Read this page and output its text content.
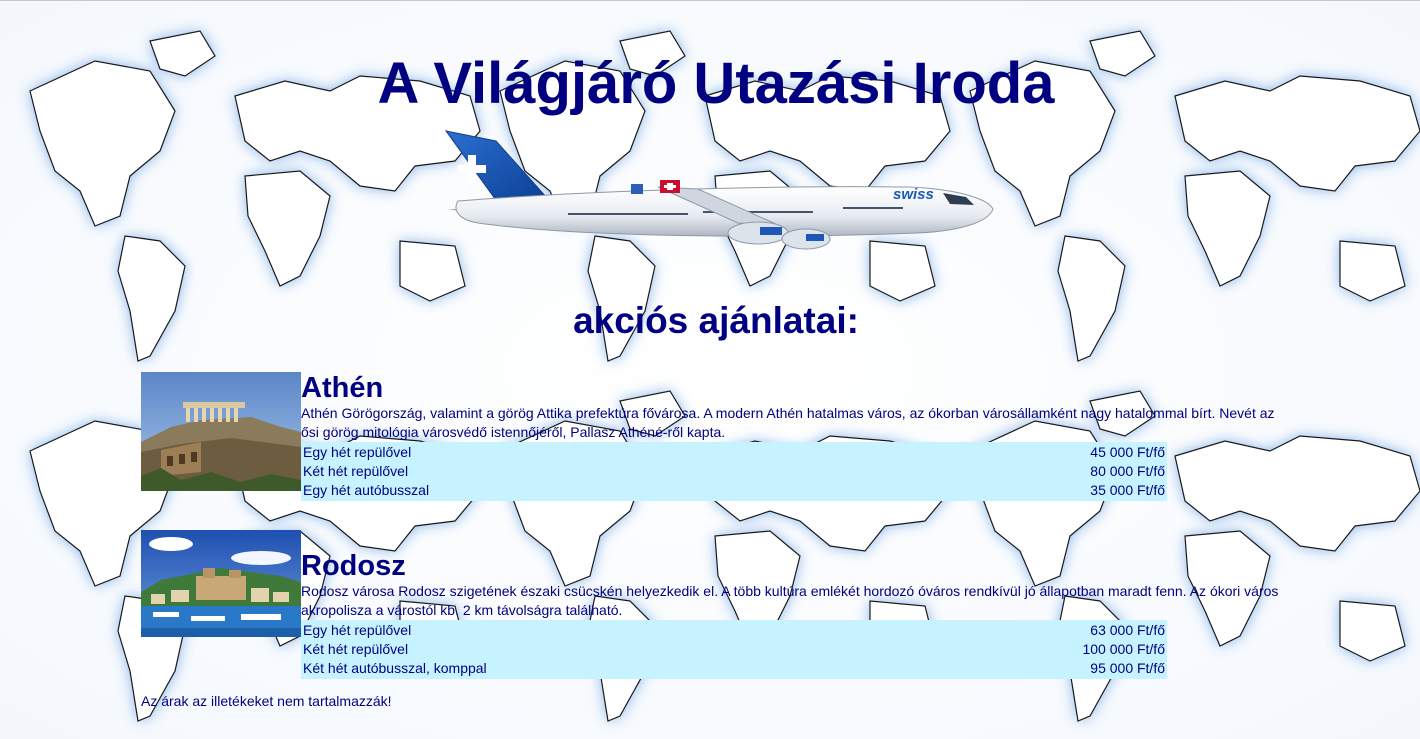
A Világjáró Utazási Iroda
swiss
akciós ajánlatai:
Athén

Athén Görögország, valamint a görög Attika prefektúra fővárosa. A modern Athén hatalmas város, az ókorban városállamként nagy hatalommal bírt. Nevét az ősi görög mitológia városvédő istennőjéről, Pallasz Athéné-ről kapta.

Egy hét repülővel	45 000 Ft/fő
Két hét repülővel	80 000 Ft/fő
Egy hét autóbusszal	35 000 Ft/fő
Rodosz

Rodosz városa Rodosz szigetének északi csücskén helyezkedik el. A több kultúra emlékét hordozó óváros rendkívül jó állapotban maradt fenn. Az ókori város akropolisza a várostól kb. 2 km távolságra található.

Egy hét repülővel	63 000 Ft/fő
Két hét repülővel	100 000 Ft/fő
Két hét autóbusszal, komppal	95 000 Ft/fő
Az árak az illetékeket nem tartalmazzák!
